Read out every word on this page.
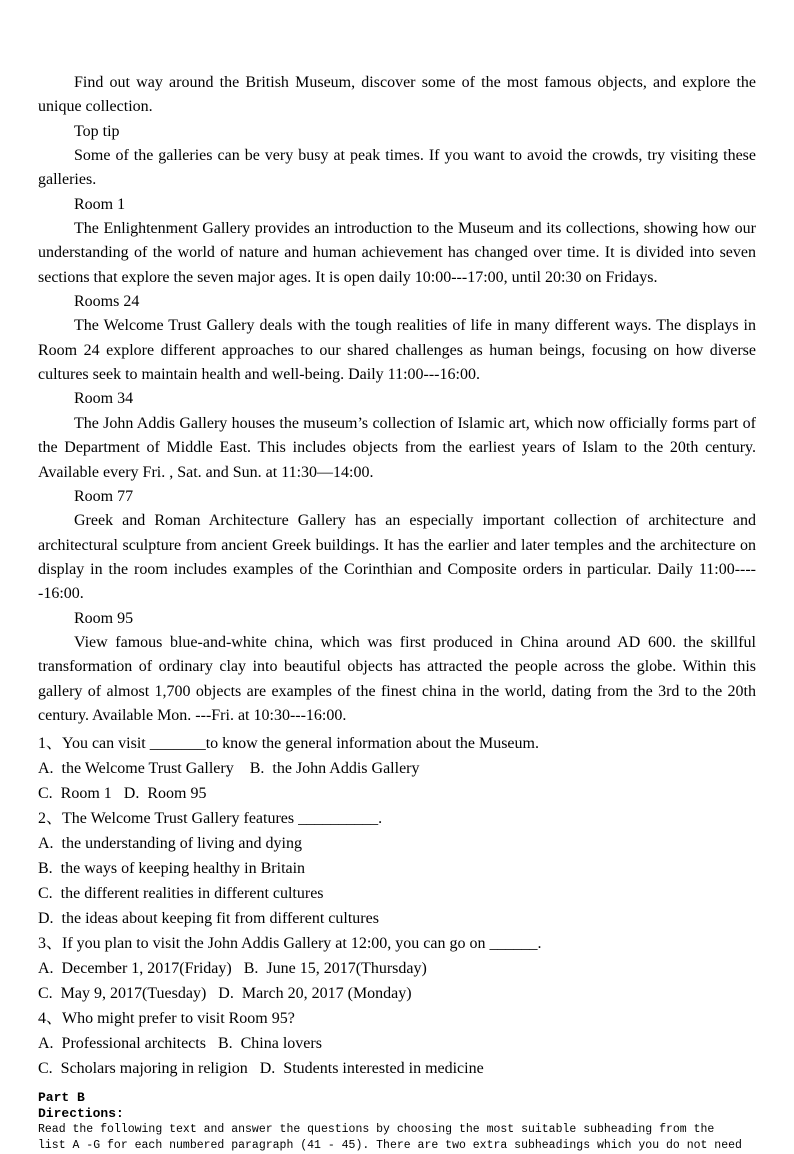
Find out way around the British Museum, discover some of the most famous objects, and explore the unique collection.

Top tip

Some of the galleries can be very busy at peak times. If you want to avoid the crowds, try visiting these galleries.

Room 1

The Enlightenment Gallery provides an introduction to the Museum and its collections, showing how our understanding of the world of nature and human achievement has changed over time. It is divided into seven sections that explore the seven major ages. It is open daily 10:00---17:00, until 20:30 on Fridays.

Rooms 24

The Welcome Trust Gallery deals with the tough realities of life in many different ways. The displays in Room 24 explore different approaches to our shared challenges as human beings, focusing on how diverse cultures seek to maintain health and well-being. Daily 11:00---16:00.

Room 34

The John Addis Gallery houses the museum’s collection of Islamic art, which now officially forms part of the Department of Middle East. This includes objects from the earliest years of Islam to the 20th century. Available every Fri. , Sat. and Sun. at 11:30—14:00.

Room 77

Greek and Roman Architecture Gallery has an especially important collection of architecture and architectural sculpture from ancient Greek buildings. It has the earlier and later temples and the architecture on display in the room includes examples of the Corinthian and Composite orders in particular. Daily 11:00-----16:00.

Room 95

View famous blue-and-white china, which was first produced in China around AD 600. the skillful transformation of ordinary clay into beautiful objects has attracted the people across the globe. Within this gallery of almost 1,700 objects are examples of the finest china in the world, dating from the 3rd to the 20th century. Available Mon. ---Fri. at 10:30---16:00.

1、You can visit _______to know the general information about the Museum.

A.  the Welcome Trust Gallery    B.  the John Addis Gallery

C.  Room 1   D.  Room 95

2、The Welcome Trust Gallery features __________.

A.  the understanding of living and dying

B.  the ways of keeping healthy in Britain

C.  the different realities in different cultures

D.  the ideas about keeping fit from different cultures

3、If you plan to visit the John Addis Gallery at 12:00, you can go on ______.

A.  December 1, 2017(Friday)   B.  June 15, 2017(Thursday)

C.  May 9, 2017(Tuesday)   D.  March 20, 2017 (Monday)

4、Who might prefer to visit Room 95?

A.  Professional architects   B.  China lovers

C.  Scholars majoring in religion   D.  Students interested in medicine

Part B
Directions:
Read the following text and answer the questions by choosing the most suitable subheading from the
list A -G for each numbered paragraph (41 - 45). There are two extra subheadings which you do not need
